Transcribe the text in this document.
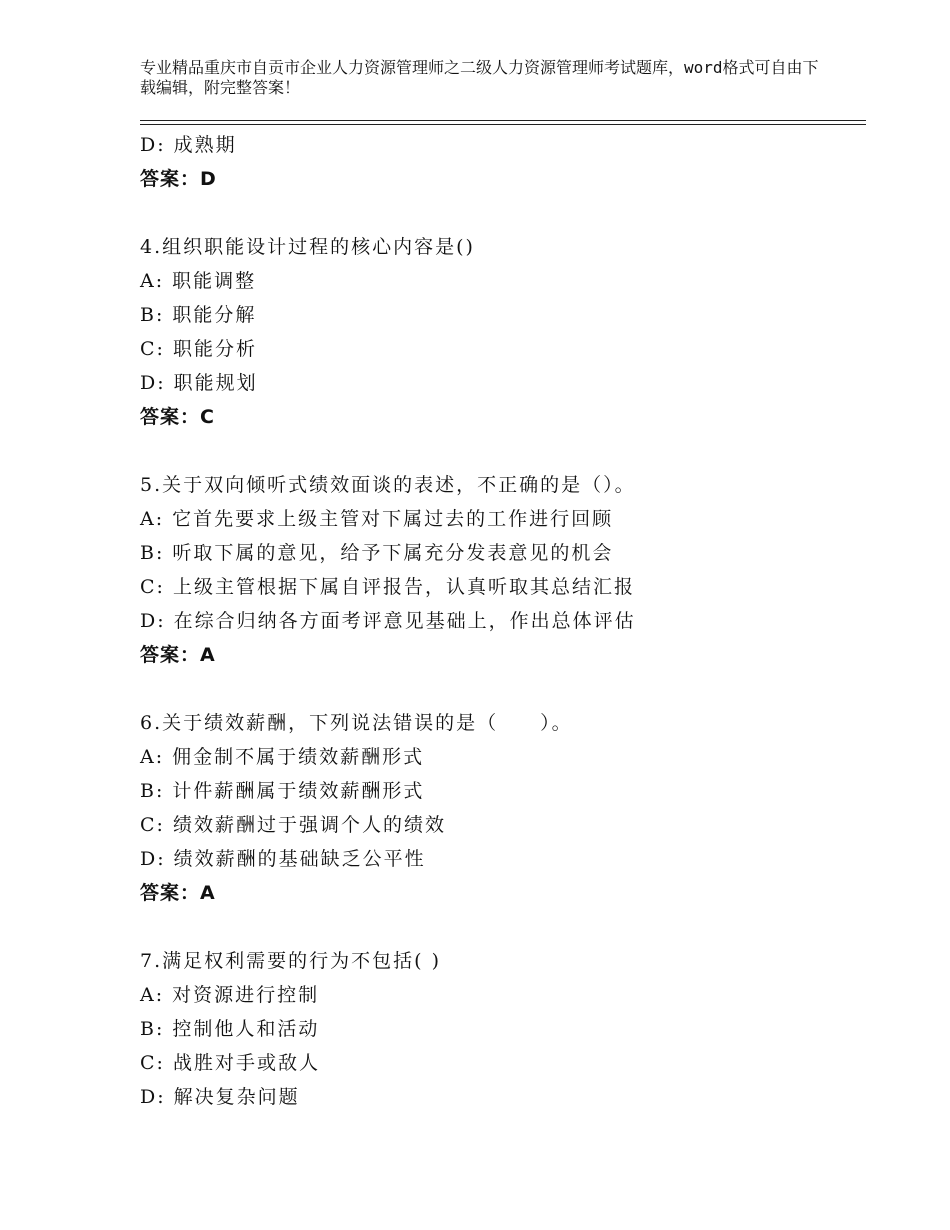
专业精品重庆市自贡市企业人力资源管理师之二级人力资源管理师考试题库，word格式可自由下载编辑，附完整答案！
D: 成熟期
答案：D
4.组织职能设计过程的核心内容是()
A: 职能调整
B: 职能分解
C: 职能分析
D: 职能规划
答案：C
5.关于双向倾听式绩效面谈的表述，不正确的是（）。
A: 它首先要求上级主管对下属过去的工作进行回顾
B: 听取下属的意见，给予下属充分发表意见的机会
C: 上级主管根据下属自评报告，认真听取其总结汇报
D: 在综合归纳各方面考评意见基础上，作出总体评估
答案：A
6.关于绩效薪酬，下列说法错误的是（　　）。
A: 佣金制不属于绩效薪酬形式
B: 计件薪酬属于绩效薪酬形式
C: 绩效薪酬过于强调个人的绩效
D: 绩效薪酬的基础缺乏公平性
答案：A
7.满足权利需要的行为不包括( )
A: 对资源进行控制
B: 控制他人和活动
C: 战胜对手或敌人
D: 解决复杂问题
